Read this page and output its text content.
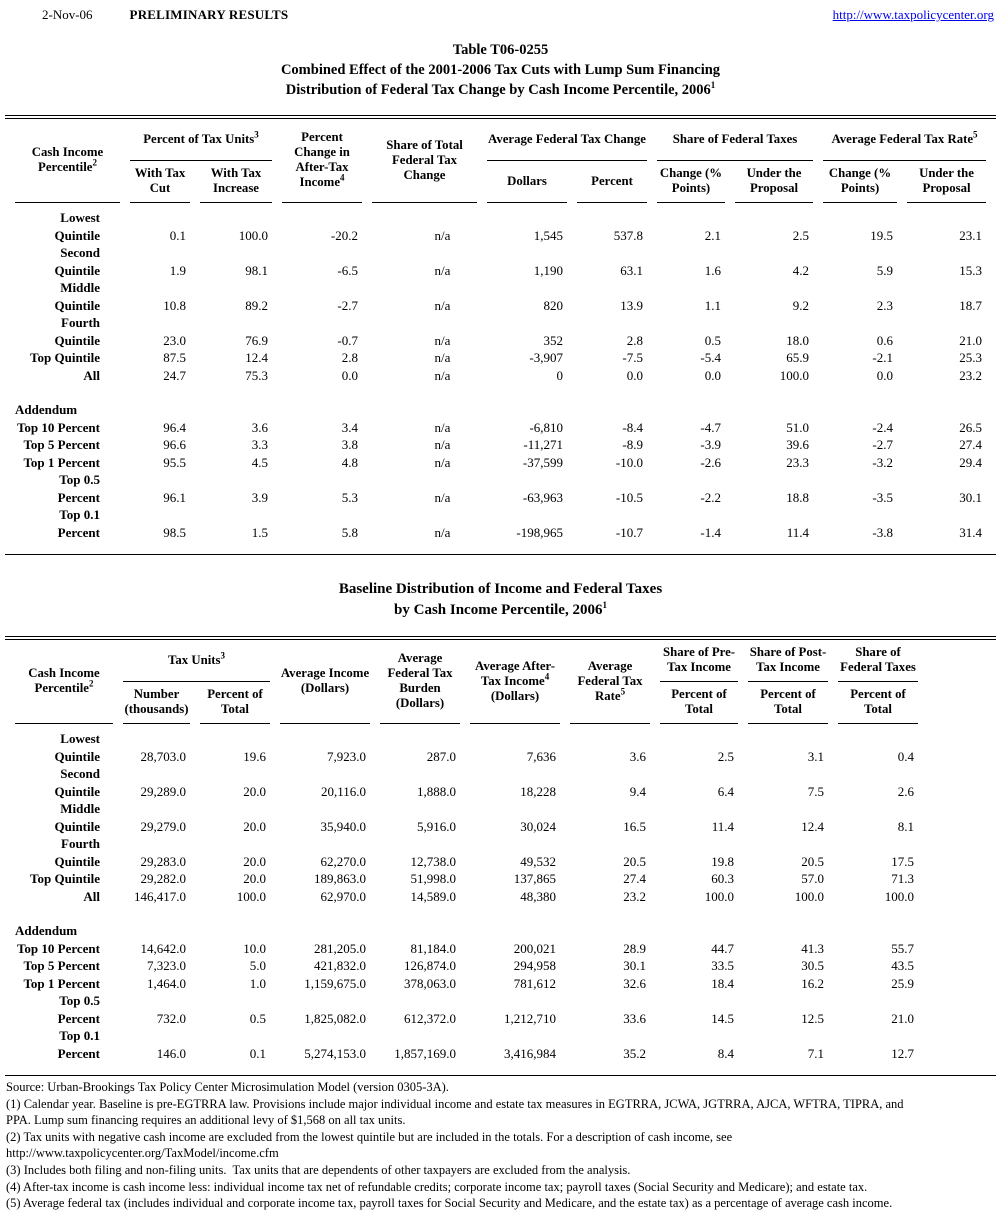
2-Nov-06	PRELIMINARY RESULTS	http://www.taxpolicycenter.org
Table T06-0255
Combined Effect of the 2001-2006 Tax Cuts with Lump Sum Financing
Distribution of Federal Tax Change by Cash Income Percentile, 2006$^1$
Cash Income Percentile$^2$	Percent of Tax Units$^3$		Percent Change in After-Tax Income$^4$	Share of Total Federal Tax Change	Average Federal Tax Change		Share of Federal Taxes		Average Federal Tax Rate$^5$
	With Tax Cut	With Tax Increase			Dollars	Percent	Change (% Points)	Under the Proposal	Change (% Points)	Under the Proposal
Lowest Quintile	0.1	100.0	-20.2	n/a	1,545	537.8	2.1	2.5	19.5	23.1
Second Quintile	1.9	98.1	-6.5	n/a	1,190	63.1	1.6	4.2	5.9	15.3
Middle Quintile	10.8	89.2	-2.7	n/a	820	13.9	1.1	9.2	2.3	18.7
Fourth Quintile	23.0	76.9	-0.7	n/a	352	2.8	0.5	18.0	0.6	21.0
Top Quintile	87.5	12.4	2.8	n/a	-3,907	-7.5	-5.4	65.9	-2.1	25.3
All	24.7	75.3	0.0	n/a	0	0.0	0.0	100.0	0.0	23.2

Addendum										
Top 10 Percent	96.4	3.6	3.4	n/a	-6,810	-8.4	-4.7	51.0	-2.4	26.5
Top 5 Percent	96.6	3.3	3.8	n/a	-11,271	-8.9	-3.9	39.6	-2.7	27.4
Top 1 Percent	95.5	4.5	4.8	n/a	-37,599	-10.0	-2.6	23.3	-3.2	29.4
Top 0.5 Percent	96.1	3.9	5.3	n/a	-63,963	-10.5	-2.2	18.8	-3.5	30.1
Top 0.1 Percent	98.5	1.5	5.8	n/a	-198,965	-10.7	-1.4	11.4	-3.8	31.4

Baseline Distribution of Income and Federal Taxes
by Cash Income Percentile, 2006$^1$
Cash Income Percentile$^2$	Tax Units$^3$		Average Income (Dollars)	Average Federal Tax Burden (Dollars)	Average After-Tax Income$^4$ (Dollars)	Average Federal Tax Rate$^5$	Share of Pre-Tax Income	Share of Post-Tax Income	Share of Federal Taxes	
	Number (thousands)	Percent of Total					Percent of Total	Percent of Total	Percent of Total	
Lowest Quintile	28,703.0	19.6	7,923.0	287.0	7,636	3.6	2.5	3.1	0.4	
Second Quintile	29,289.0	20.0	20,116.0	1,888.0	18,228	9.4	6.4	7.5	2.6	
Middle Quintile	29,279.0	20.0	35,940.0	5,916.0	30,024	16.5	11.4	12.4	8.1	
Fourth Quintile	29,283.0	20.0	62,270.0	12,738.0	49,532	20.5	19.8	20.5	17.5	
Top Quintile	29,282.0	20.0	189,863.0	51,998.0	137,865	27.4	60.3	57.0	71.3	
All	146,417.0	100.0	62,970.0	14,589.0	48,380	23.2	100.0	100.0	100.0	

Addendum										
Top 10 Percent	14,642.0	10.0	281,205.0	81,184.0	200,021	28.9	44.7	41.3	55.7	
Top 5 Percent	7,323.0	5.0	421,832.0	126,874.0	294,958	30.1	33.5	30.5	43.5	
Top 1 Percent	1,464.0	1.0	1,159,675.0	378,063.0	781,612	32.6	18.4	16.2	25.9	
Top 0.5 Percent	732.0	0.5	1,825,082.0	612,372.0	1,212,710	33.6	14.5	12.5	21.0	
Top 0.1 Percent	146.0	0.1	5,274,153.0	1,857,169.0	3,416,984	35.2	8.4	7.1	12.7	

Source: Urban-Brookings Tax Policy Center Microsimulation Model (version 0305-3A).
(1) Calendar year. Baseline is pre-EGTRRA law. Provisions include major individual income and estate tax measures in EGTRRA, JCWA, JGTRRA, AJCA, WFTRA, TIPRA, and
PPA. Lump sum financing requires an additional levy of $1,568 on all tax units.
(2) Tax units with negative cash income are excluded from the lowest quintile but are included in the totals. For a description of cash income, see
http://www.taxpolicycenter.org/TaxModel/income.cfm
(3) Includes both filing and non-filing units.  Tax units that are dependents of other taxpayers are excluded from the analysis.
(4) After-tax income is cash income less: individual income tax net of refundable credits; corporate income tax; payroll taxes (Social Security and Medicare); and estate tax.
(5) Average federal tax (includes individual and corporate income tax, payroll taxes for Social Security and Medicare, and the estate tax) as a percentage of average cash income.
